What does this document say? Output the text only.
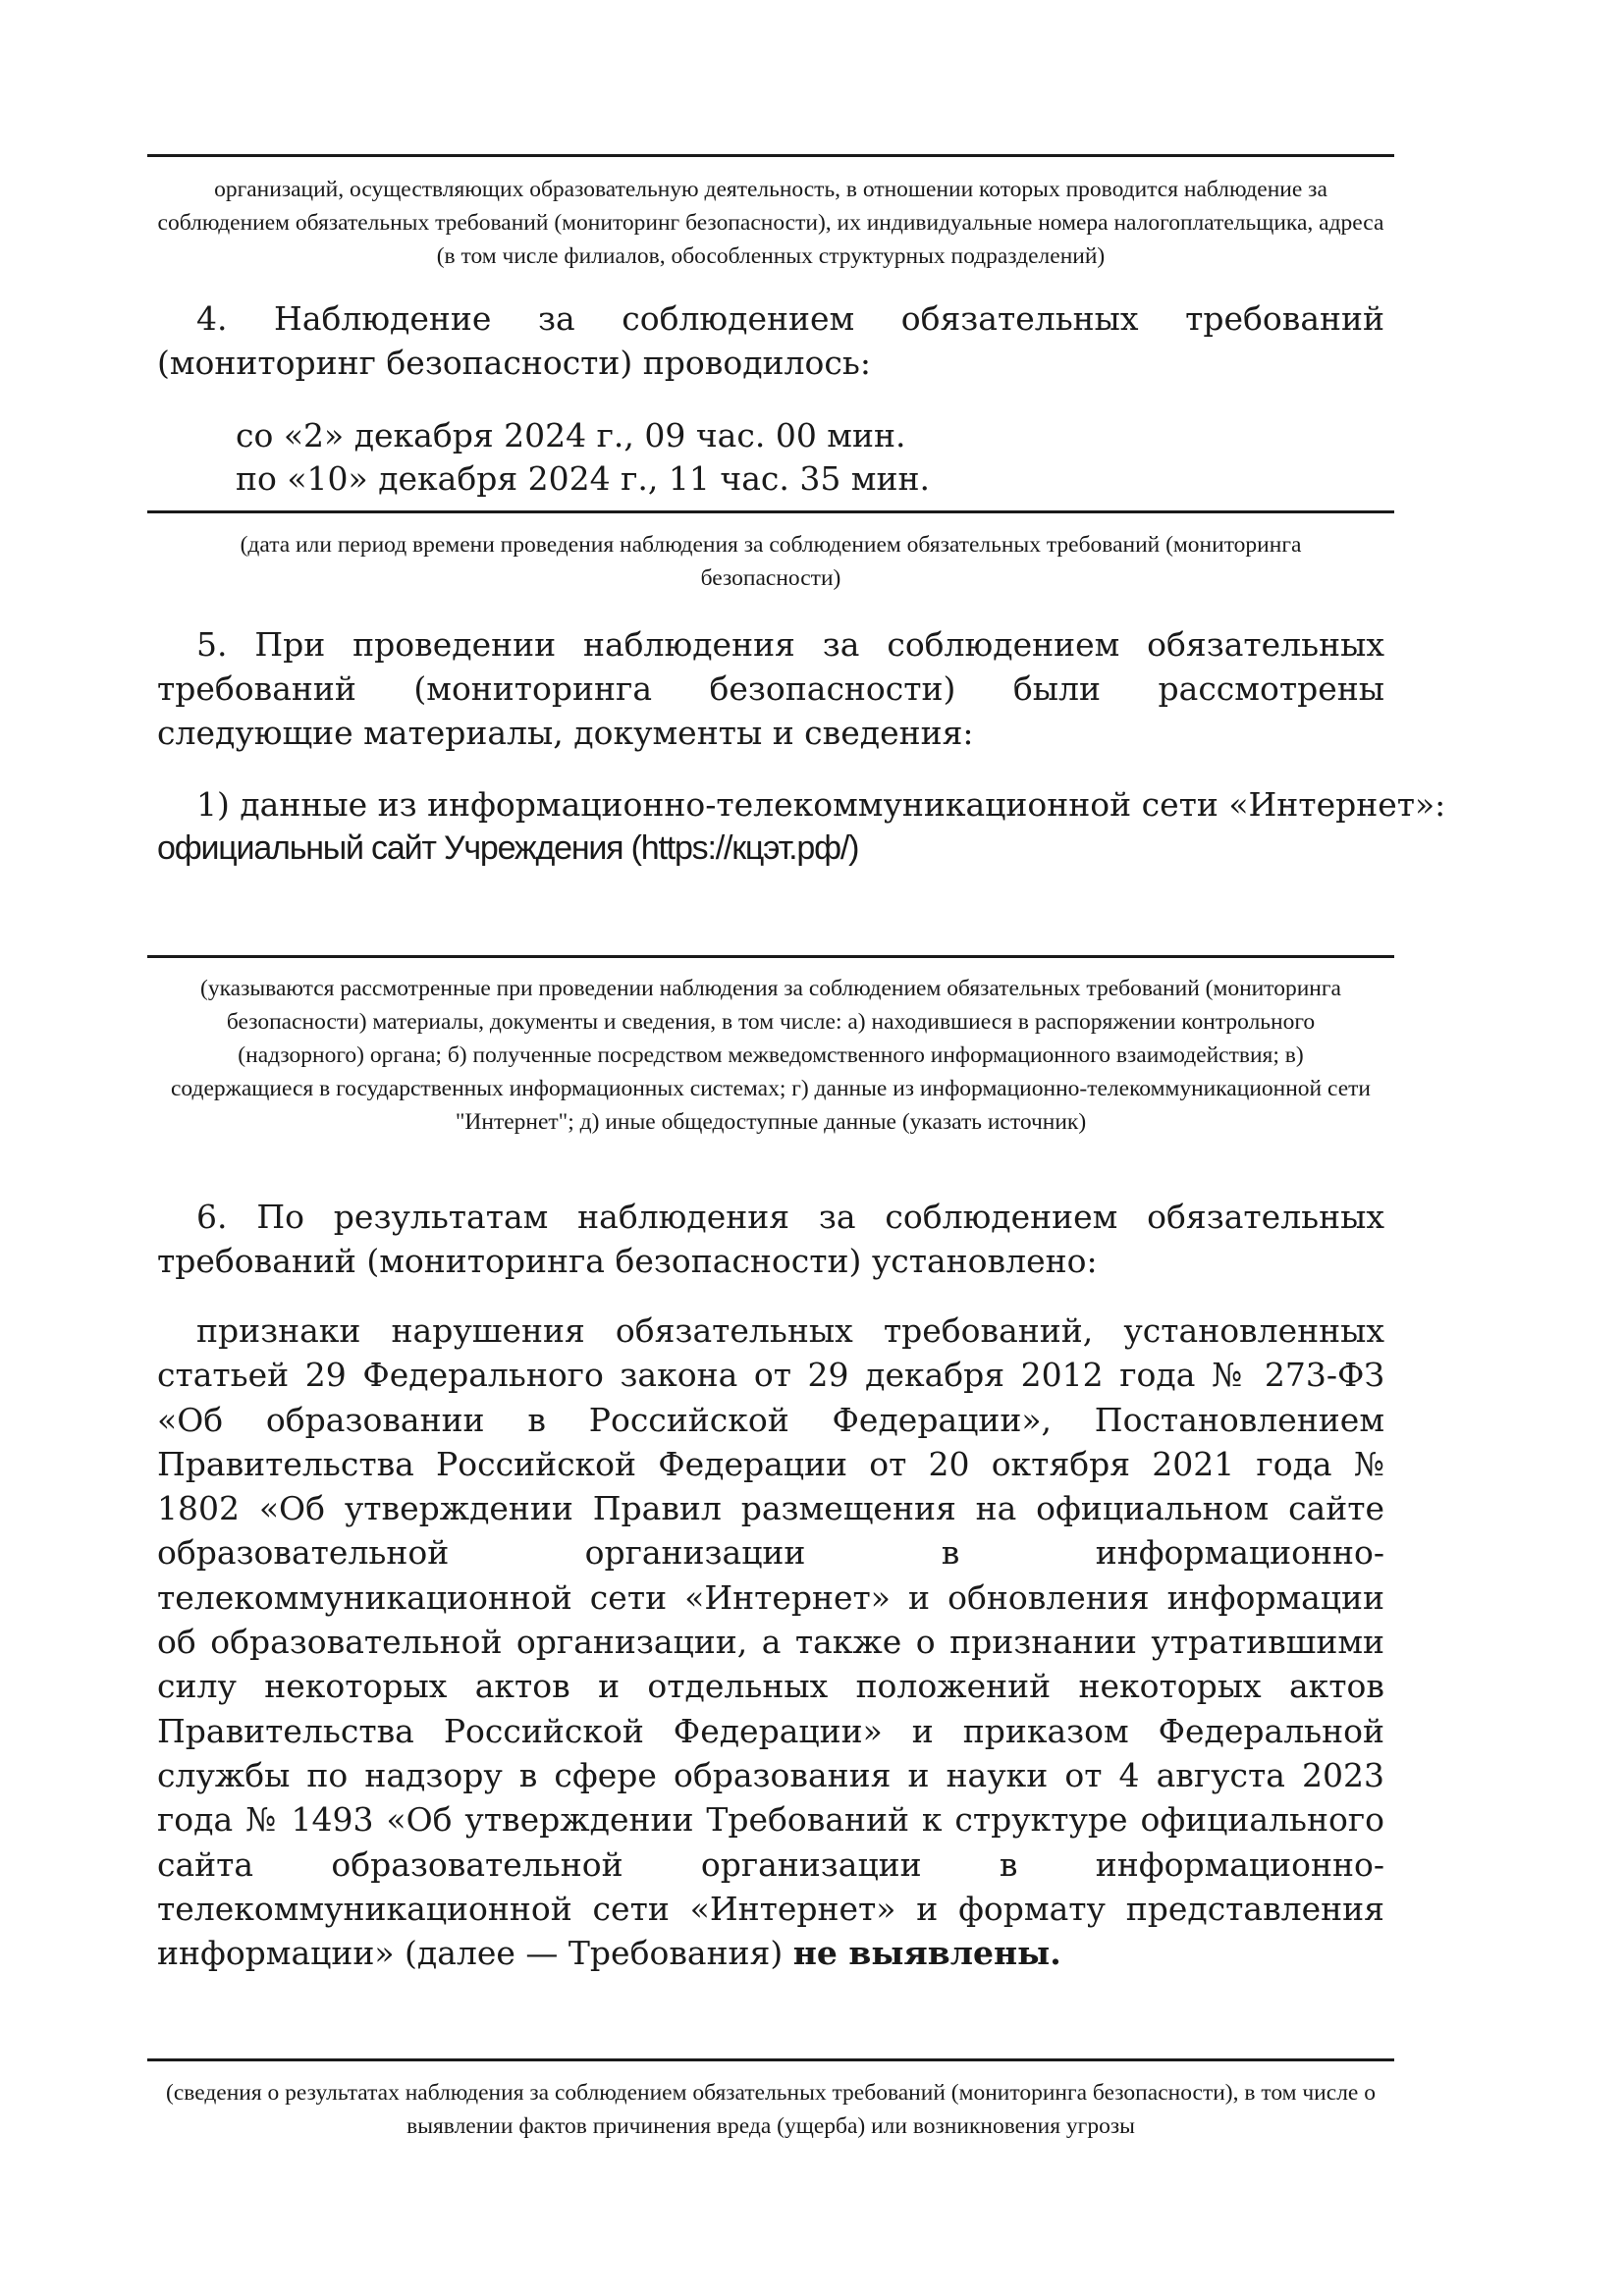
организаций, осуществляющих образовательную деятельность, в отношении которых проводится наблюдение за соблюдением обязательных требований (мониторинг безопасности), их индивидуальные номера налогоплательщика, адреса (в том числе филиалов, обособленных структурных подразделений)
4. Наблюдение за соблюдением обязательных требований (мониторинг безопасности) проводилось:
со «2» декабря 2024 г., 09 час. 00 мин.
по «10» декабря 2024 г., 11 час. 35 мин.
(дата или период времени проведения наблюдения за соблюдением обязательных требований (мониторинга безопасности)
5. При проведении наблюдения за соблюдением обязательных требований (мониторинга безопасности) были рассмотрены следующие материалы, документы и сведения:
1) данные из информационно-телекоммуникационной сети «Интернет»:
официальный сайт Учреждения (https://кцэт.рф/)
(указываются рассмотренные при проведении наблюдения за соблюдением обязательных требований (мониторинга безопасности) материалы, документы и сведения, в том числе: а) находившиеся в распоряжении контрольного (надзорного) органа; б) полученные посредством межведомственного информационного взаимодействия; в) содержащиеся в государственных информационных системах; г) данные из информационно-телекоммуникационной сети "Интернет"; д) иные общедоступные данные (указать источник)
6. По результатам наблюдения за соблюдением обязательных требований (мониторинга безопасности) установлено:
признаки нарушения обязательных требований, установленных статьей 29 Федерального закона от 29 декабря 2012 года № 273-ФЗ «Об образовании в Российской Федерации», Постановлением Правительства Российской Федерации от 20 октября 2021 года № 1802 «Об утверждении Правил размещения на официальном сайте образовательной организации в информационно-телекоммуникационной сети «Интернет» и обновления информации об образовательной организации, а также о признании утратившими силу некоторых актов и отдельных положений некоторых актов Правительства Российской Федерации» и приказом Федеральной службы по надзору в сфере образования и науки от 4 августа 2023 года № 1493 «Об утверждении Требований к структуре официального сайта образовательной организации в информационно-телекоммуникационной сети «Интернет» и формату представления информации» (далее — Требования) не выявлены.
(сведения о результатах наблюдения за соблюдением обязательных требований (мониторинга безопасности), в том числе о выявлении фактов причинения вреда (ущерба) или возникновения угрозы
